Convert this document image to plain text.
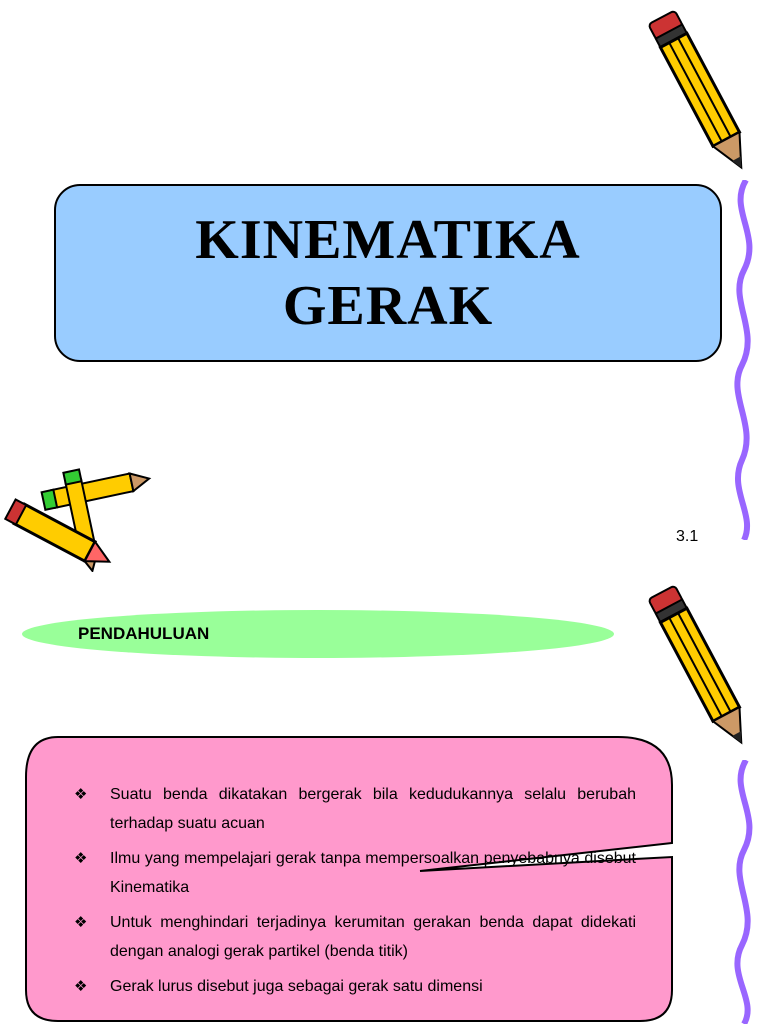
KINEMATIKA
GERAK
3.1
PENDAHULUAN
❖ Suatu benda dikatakan bergerak bila kedudukannya selalu berubah terhadap suatu acuan
❖ Ilmu yang mempelajari gerak tanpa mempersoalkan penyebabnya disebut Kinematika
❖ Untuk menghindari terjadinya kerumitan gerakan benda dapat didekati dengan analogi gerak partikel (benda titik)
❖ Gerak lurus disebut juga sebagai gerak satu dimensi
